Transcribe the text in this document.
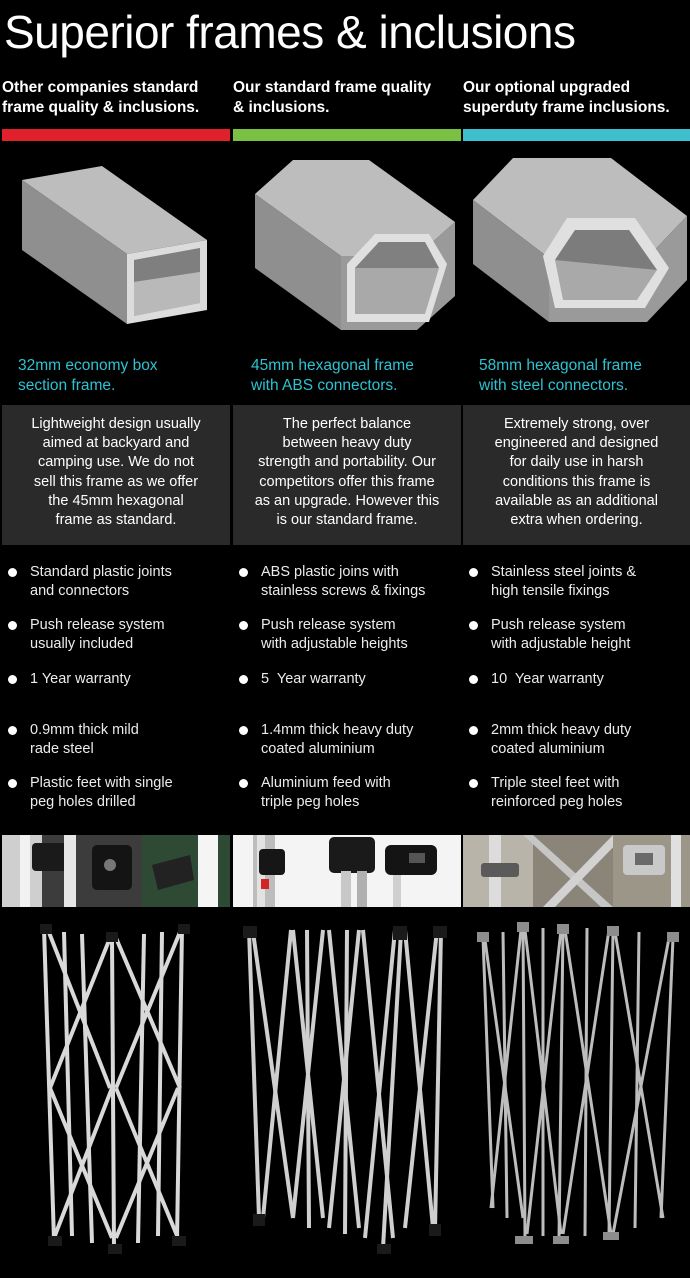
Superior frames & inclusions
Other companies standard
frame quality & inclusions.
32mm economy box
section frame.
Lightweight design usually
aimed at backyard and
camping use. We do not
sell this frame as we offer
the 45mm hexagonal
frame as standard.
Standard plastic joints
and connectors
Push release system
usually included
1 Year warranty
0.9mm thick mild
rade steel
Plastic feet with single
peg holes drilled
Our standard frame quality
& inclusions.
45mm hexagonal frame
with ABS connectors.
The perfect balance
between heavy duty
strength and portability. Our
competitors offer this frame
as an upgrade. However this
is our standard frame.
ABS plastic joins with
stainless screws & fixings
Push release system
with adjustable heights
5  Year warranty
1.4mm thick heavy duty
coated aluminium
Aluminium feed with
triple peg holes
Our optional upgraded
superduty frame inclusions.
58mm hexagonal frame
with steel connectors.
Extremely strong, over
engineered and designed
for daily use in harsh
conditions this frame is
available as an additional
extra when ordering.
Stainless steel joints &
high tensile fixings
Push release system
with adjustable height
10  Year warranty
2mm thick heavy duty
coated aluminium
Triple steel feet with
reinforced peg holes
